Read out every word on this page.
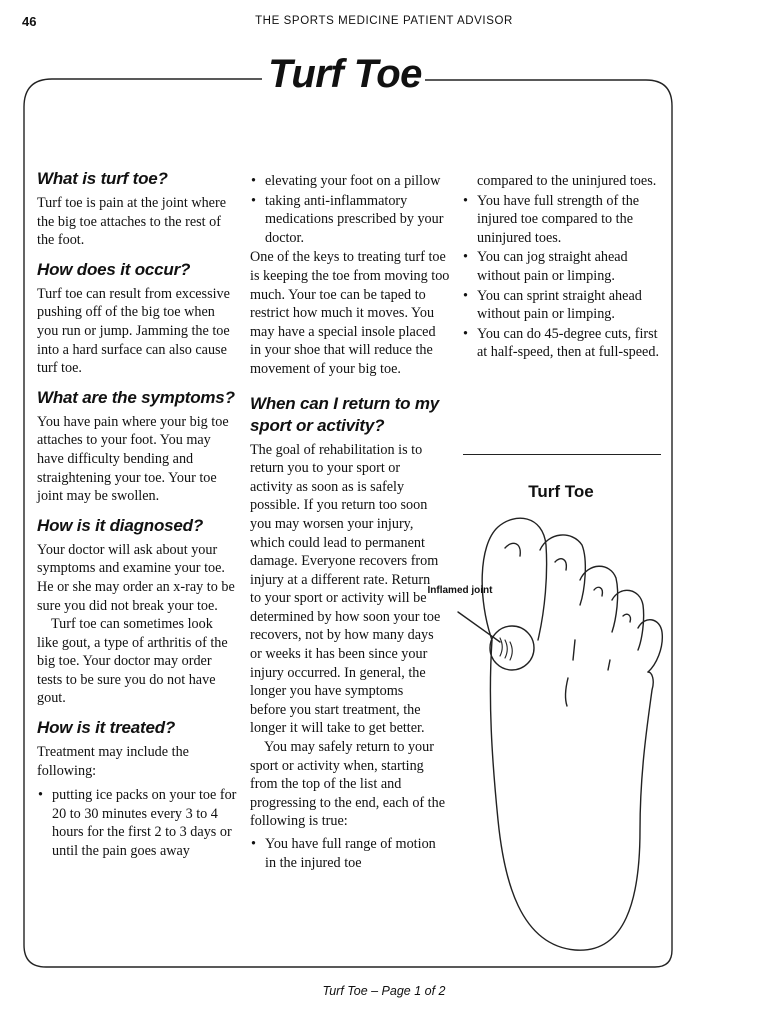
46	THE SPORTS MEDICINE PATIENT ADVISOR
Turf Toe
What is turf toe?

Turf toe is pain at the joint where the big toe attaches to the rest of the foot.

How does it occur?

Turf toe can result from excessive pushing off of the big toe when you run or jump. Jamming the toe into a hard surface can also cause turf toe.

What are the symptoms?

You have pain where your big toe attaches to your foot. You may have difficulty bending and straightening your toe. Your toe joint may be swollen.

How is it diagnosed?

Your doctor will ask about your symptoms and examine your toe. He or she may order an x-ray to be sure you did not break your toe.

Turf toe can sometimes look like gout, a type of arthritis of the big toe. Your doctor may order tests to be sure you do not have gout.

How is it treated?

Treatment may include the following:

• putting ice packs on your toe for 20 to 30 minutes every 3 to 4 hours for the first 2 to 3 days or until the pain goes away
• elevating your foot on a pillow
• taking anti-inflammatory medications prescribed by your doctor.

One of the keys to treating turf toe is keeping the toe from moving too much. Your toe can be taped to restrict how much it moves. You may have a special insole placed in your shoe that will reduce the movement of your big toe.

When can I return to my sport or activity?

The goal of rehabilitation is to return you to your sport or activity as soon as is safely possible. If you return too soon you may worsen your injury, which could lead to permanent damage. Everyone recovers from injury at a different rate. Return to your sport or activity will be determined by how soon your toe recovers, not by how many days or weeks it has been since your injury occurred. In general, the longer you have symptoms before you start treatment, the longer it will take to get better.

You may safely return to your sport or activity when, starting from the top of the list and progressing to the end, each of the following is true:

• You have full range of motion in the injured toe

compared to the uninjured toes.

• You have full strength of the injured toe compared to the uninjured toes.
• You can jog straight ahead without pain or limping.
• You can sprint straight ahead without pain or limping.
• You can do 45-degree cuts, first at half-speed, then at full-speed.
Turf Toe
Inflamed joint
Turf Toe – Page 1 of 2
